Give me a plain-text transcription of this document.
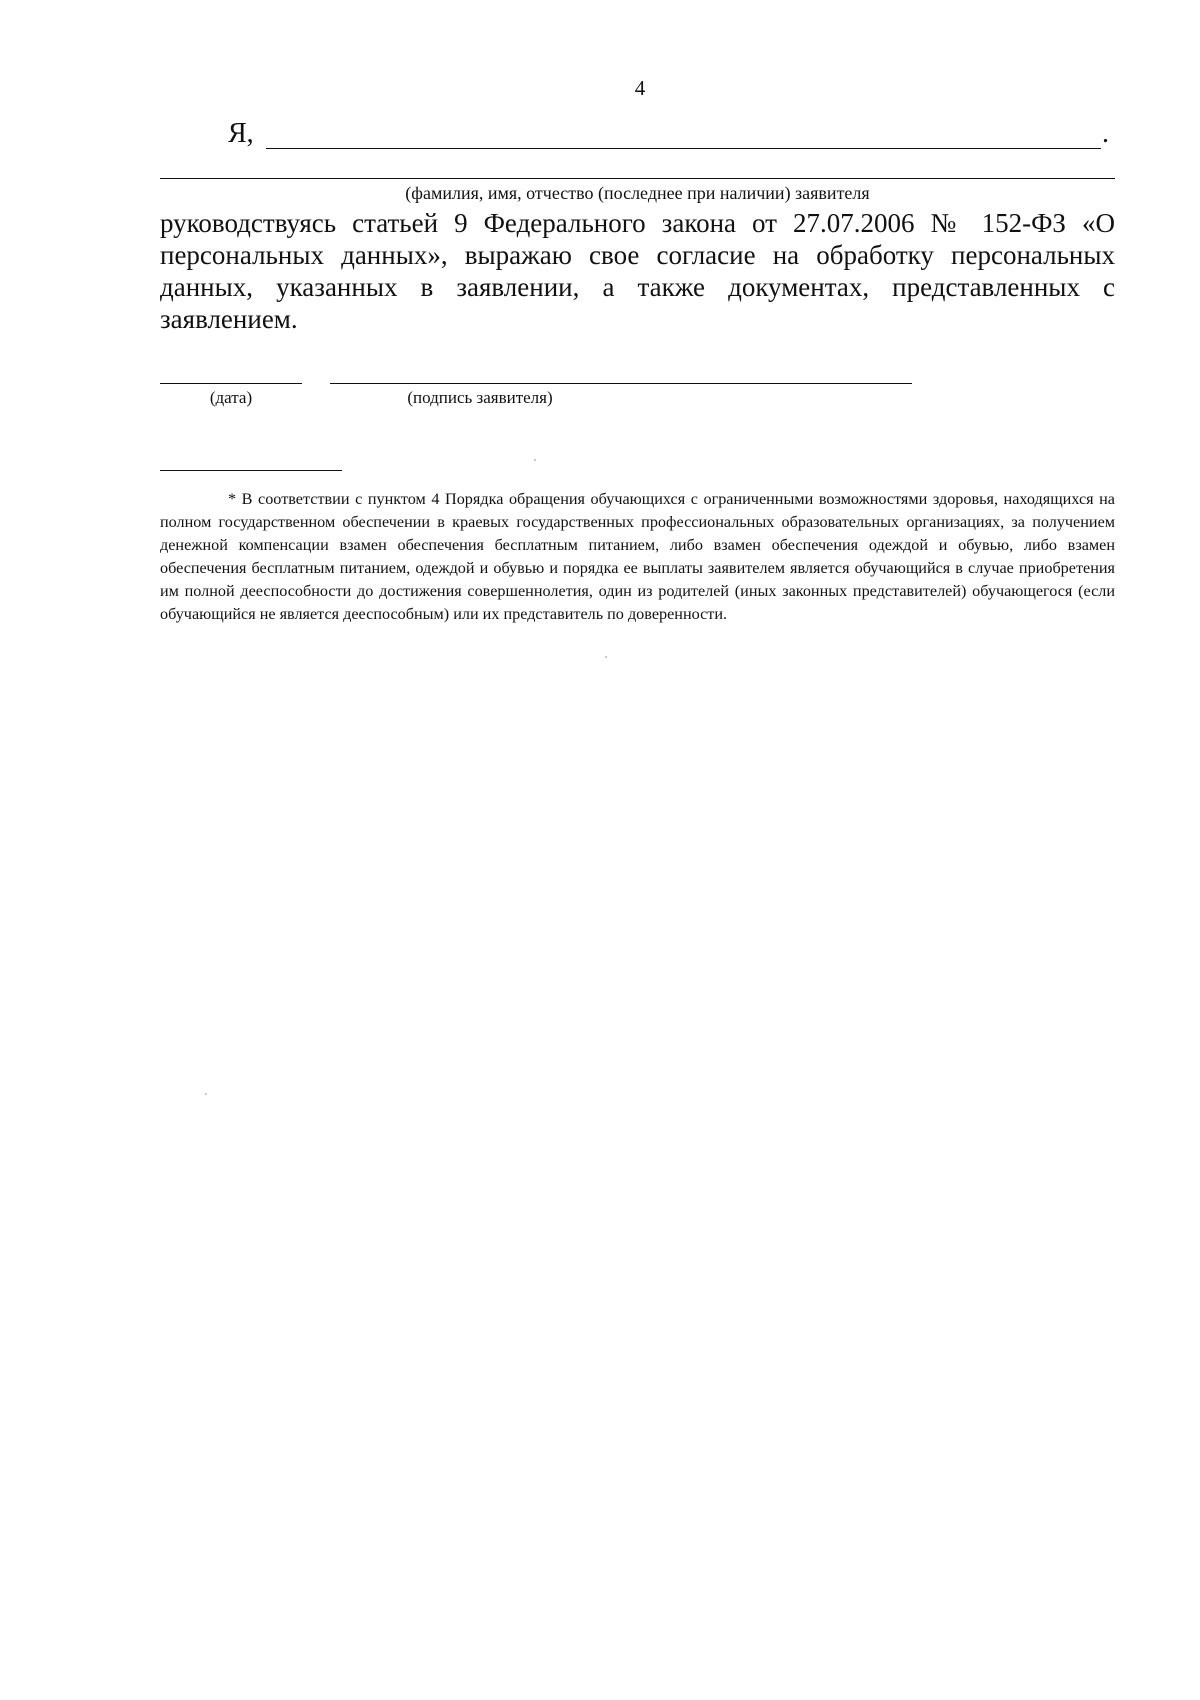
4
Я,	.
(фамилия, имя, отчество (последнее при наличии) заявителя
руководствуясь статьей 9 Федерального закона от 27.07.2006 № 152-ФЗ «О персональных данных», выражаю свое согласие на обработку персональных данных, указанных в заявлении, а также документах, представленных с заявлением.
(дата)	(подпись заявителя)
* В соответствии с пунктом 4 Порядка обращения обучающихся с ограниченными возможностями здоровья, находящихся на полном государственном обеспечении в краевых государственных профессиональных образовательных организациях, за получением денежной компенсации взамен обеспечения бесплатным питанием, либо взамен обеспечения одеждой и обувью, либо взамен обеспечения бесплатным питанием, одеждой и обувью и порядка ее выплаты заявителем является обучающийся в случае приобретения им полной дееспособности до достижения совершеннолетия, один из родителей (иных законных представителей) обучающегося (если обучающийся не является дееспособным) или их представитель по доверенности.
